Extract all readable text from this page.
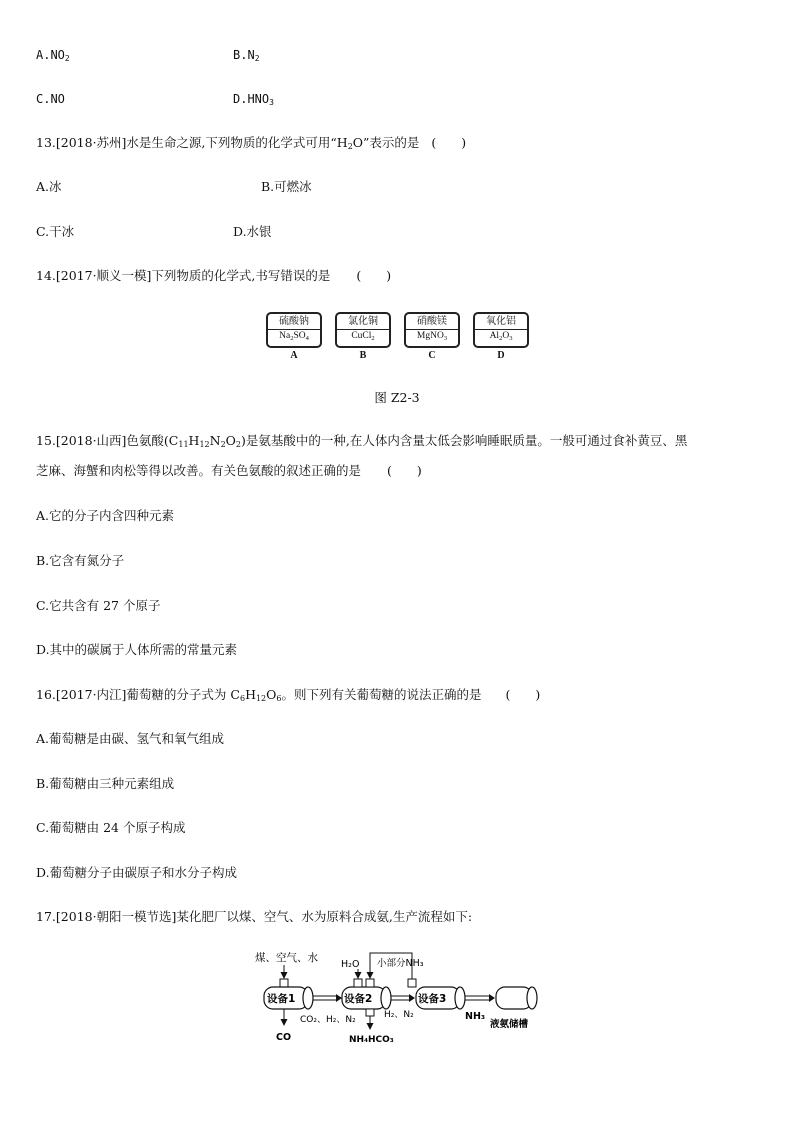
$A.NO_2$	$B.N_2$
C.NO	$D.HNO_3$
13.[2018·苏州]水是生命之源,下列物质的化学式可用“$H_2O$”表示的是 (　　)
A.冰	B.可燃冰
C.干冰	D.水银
14.[2017·顺义一模]下列物质的化学式,书写错误的是 (　　)
硫酸钠
$Na_2SO_4$
A
氯化铜
CuCl$_2$
B
硝酸镁
MgNO$_3$
C
氧化铝
$Al_2O_3$
D
图 Z2-3
15.[2018·山西]色氨酸$(C_{11}H_{12}N_2O_2)$是氨基酸中的一种,在人体内含量太低会影响睡眠质量。一般可通过食补黄豆、黑
芝麻、海蟹和肉松等得以改善。有关色氨酸的叙述正确的是 (　　)
A.它的分子内含四种元素
B.它含有氮分子
C.它共含有 27 个原子
D.其中的碳属于人体所需的常量元素
16.[2017·内江]葡萄糖的分子式为 $C_6H_{12}O_6$。则下列有关葡萄糖的说法正确的是 (　　)
A.葡萄糖是由碳、氢气和氧气组成
B.葡萄糖由三种元素组成
C.葡萄糖由 24 个原子构成
D.葡萄糖分子由碳原子和水分子构成
17.[2018·朝阳一模节选]某化肥厂以煤、空气、水为原料合成氨,生产流程如下:
煤、空气、水
设备1
CO
CO₂、H₂、N₂
设备2
H₂O 小部分NH₃
NH₄HCO₃
H₂、N₂
设备3
NH₃
液氨储槽
